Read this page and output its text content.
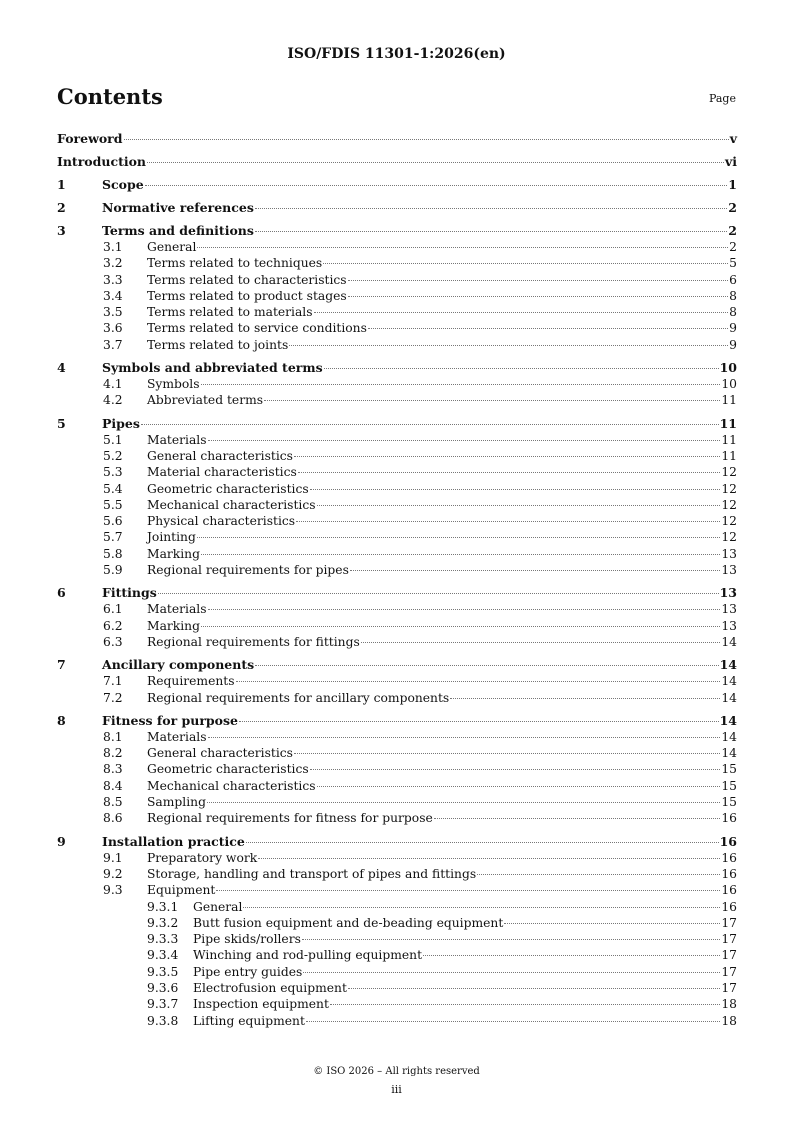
ISO/FDIS 11301-1:2026(en)
Contents	Page
Foreword	v
Introduction	vi
1	Scope	1
2	Normative references	2
3	Terms and definitions	2
3.1	General	2
3.2	Terms related to techniques	5
3.3	Terms related to characteristics	6
3.4	Terms related to product stages	8
3.5	Terms related to materials	8
3.6	Terms related to service conditions	9
3.7	Terms related to joints	9
4	Symbols and abbreviated terms	10
4.1	Symbols	10
4.2	Abbreviated terms	11
5	Pipes	11
5.1	Materials	11
5.2	General characteristics	11
5.3	Material characteristics	12
5.4	Geometric characteristics	12
5.5	Mechanical characteristics	12
5.6	Physical characteristics	12
5.7	Jointing	12
5.8	Marking	13
5.9	Regional requirements for pipes	13
6	Fittings	13
6.1	Materials	13
6.2	Marking	13
6.3	Regional requirements for fittings	14
7	Ancillary components	14
7.1	Requirements	14
7.2	Regional requirements for ancillary components	14
8	Fitness for purpose	14
8.1	Materials	14
8.2	General characteristics	14
8.3	Geometric characteristics	15
8.4	Mechanical characteristics	15
8.5	Sampling	15
8.6	Regional requirements for fitness for purpose	16
9	Installation practice	16
9.1	Preparatory work	16
9.2	Storage, handling and transport of pipes and fittings	16
9.3	Equipment	16
9.3.1	General	16
9.3.2	Butt fusion equipment and de-beading equipment	17
9.3.3	Pipe skids/rollers	17
9.3.4	Winching and rod-pulling equipment	17
9.3.5	Pipe entry guides	17
9.3.6	Electrofusion equipment	17
9.3.7	Inspection equipment	18
9.3.8	Lifting equipment	18
© ISO 2026 – All rights reserved
iii
